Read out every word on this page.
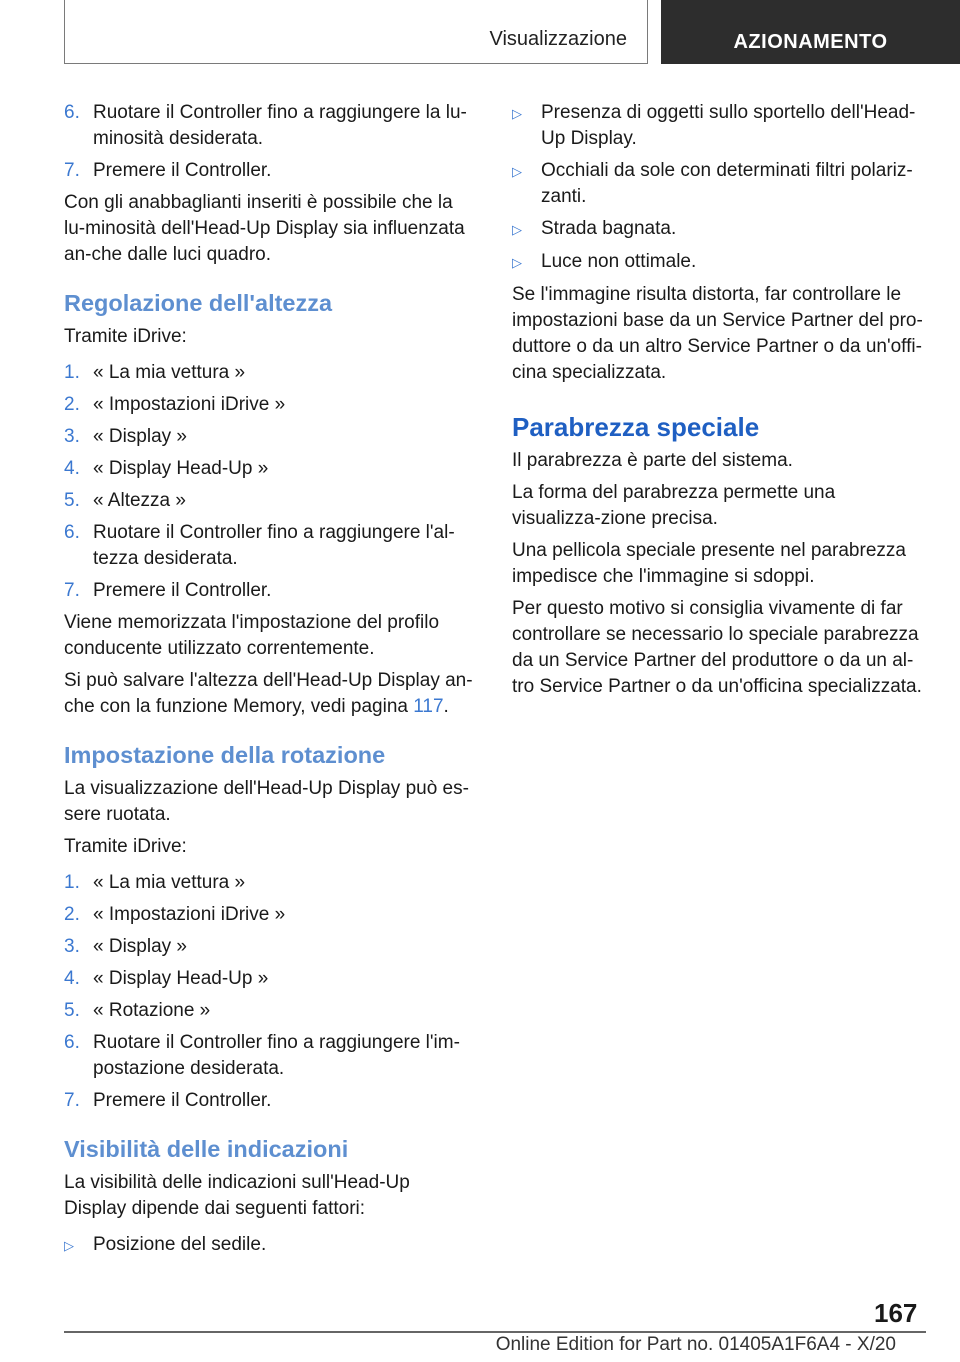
Visualizzazione	AZIONAMENTO
6. Ruotare il Controller fino a raggiungere la lu-minosità desiderata.
7. Premere il Controller.

Con gli anabbaglianti inseriti è possibile che la lu-minosità dell'Head-Up Display sia influenzata an-che dalle luci quadro.

Regolazione dell'altezza

Tramite iDrive:

1. « La mia vettura »
2. « Impostazioni iDrive »
3. « Display »
4. « Display Head-Up »
5. « Altezza »
6. Ruotare il Controller fino a raggiungere l'al-tezza desiderata.
7. Premere il Controller.

Viene memorizzata l'impostazione del profilo conducente utilizzato correntemente.

Si può salvare l'altezza dell'Head-Up Display an-che con la funzione Memory, vedi pagina 117.

Impostazione della rotazione

La visualizzazione dell'Head-Up Display può es-sere ruotata.

Tramite iDrive:

1. « La mia vettura »
2. « Impostazioni iDrive »
3. « Display »
4. « Display Head-Up »
5. « Rotazione »
6. Ruotare il Controller fino a raggiungere l'im-postazione desiderata.
7. Premere il Controller.
Visibilità delle indicazioni

La visibilità delle indicazioni sull'Head-Up Display dipende dai seguenti fattori:

▷	Posizione del sedile.
▷	Presenza di oggetti sullo sportello dell'Head-Up Display.
▷	Occhiali da sole con determinati filtri polariz-zanti.
▷	Strada bagnata.
▷	Luce non ottimale.

Se l'immagine risulta distorta, far controllare le impostazioni base da un Service Partner del pro-duttore o da un altro Service Partner o da un'offi-cina specializzata.

Parabrezza speciale

Il parabrezza è parte del sistema.

La forma del parabrezza permette una visualizza-zione precisa.

Una pellicola speciale presente nel parabrezza impedisce che l'immagine si sdoppi.

Per questo motivo si consiglia vivamente di far controllare se necessario lo speciale parabrezza da un Service Partner del produttore o da un al-tro Service Partner o da un'officina specializzata.

167
Online Edition for Part no. 01405A1F6A4 - X/20
